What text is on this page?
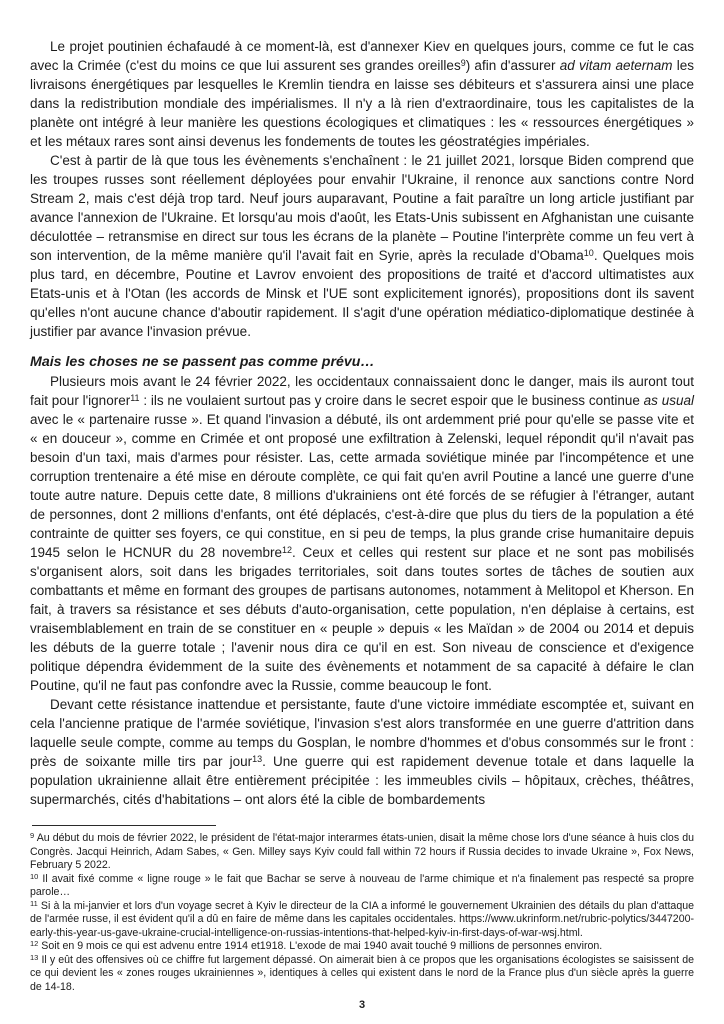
Le projet poutinien échafaudé à ce moment-là, est d'annexer Kiev en quelques jours, comme ce fut le cas avec la Crimée (c'est du moins ce que lui assurent ses grandes oreilles$^9$) afin d'assurer ad vitam aeternam les livraisons énergétiques par lesquelles le Kremlin tiendra en laisse ses débiteurs et s'assurera ainsi une place dans la redistribution mondiale des impérialismes. Il n'y a là rien d'extraordinaire, tous les capitalistes de la planète ont intégré à leur manière les questions écologiques et climatiques : les « ressources énergétiques » et les métaux rares sont ainsi devenus les fondements de toutes les géostratégies impériales.

C'est à partir de là que tous les évènements s'enchaînent : le 21 juillet 2021, lorsque Biden comprend que les troupes russes sont réellement déployées pour envahir l'Ukraine, il renonce aux sanctions contre Nord Stream 2, mais c'est déjà trop tard. Neuf jours auparavant, Poutine a fait paraître un long article justifiant par avance l'annexion de l'Ukraine. Et lorsqu'au mois d'août, les Etats-Unis subissent en Afghanistan une cuisante déculottée – retransmise en direct sur tous les écrans de la planète – Poutine l'interprète comme un feu vert à son intervention, de la même manière qu'il l'avait fait en Syrie, après la reculade d'Obama$^{10}$. Quelques mois plus tard, en décembre, Poutine et Lavrov envoient des propositions de traité et d'accord ultimatistes aux Etats-unis et à l'Otan (les accords de Minsk et l'UE sont explicitement ignorés), propositions dont ils savent qu'elles n'ont aucune chance d'aboutir rapidement. Il s'agit d'une opération médiatico-diplomatique destinée à justifier par avance l'invasion prévue.

Mais les choses ne se passent pas comme prévu…

Plusieurs mois avant le 24 février 2022, les occidentaux connaissaient donc le danger, mais ils auront tout fait pour l'ignorer$^{11}$ : ils ne voulaient surtout pas y croire dans le secret espoir que le business continue as usual avec le « partenaire russe ». Et quand l'invasion a débuté, ils ont ardemment prié pour qu'elle se passe vite et « en douceur », comme en Crimée et ont proposé une exfiltration à Zelenski, lequel répondit qu'il n'avait pas besoin d'un taxi, mais d'armes pour résister. Las, cette armada soviétique minée par l'incompétence et une corruption trentenaire a été mise en déroute complète, ce qui fait qu'en avril Poutine a lancé une guerre d'une toute autre nature. Depuis cette date, 8 millions d'ukrainiens ont été forcés de se réfugier à l'étranger, autant de personnes, dont 2 millions d'enfants, ont été déplacés, c'est-à-dire que plus du tiers de la population a été contrainte de quitter ses foyers, ce qui constitue, en si peu de temps, la plus grande crise humanitaire depuis 1945 selon le HCNUR du 28 novembre$^{12}$. Ceux et celles qui restent sur place et ne sont pas mobilisés s'organisent alors, soit dans les brigades territoriales, soit dans toutes sortes de tâches de soutien aux combattants et même en formant des groupes de partisans autonomes, notamment à Melitopol et Kherson. En fait, à travers sa résistance et ses débuts d'auto-organisation, cette population, n'en déplaise à certains, est vraisemblablement en train de se constituer en « peuple » depuis « les Maïdan » de 2004 ou 2014 et depuis les débuts de la guerre totale ; l'avenir nous dira ce qu'il en est. Son niveau de conscience et d'exigence politique dépendra évidemment de la suite des évènements et notamment de sa capacité à défaire le clan Poutine, qu'il ne faut pas confondre avec la Russie, comme beaucoup le font.

Devant cette résistance inattendue et persistante, faute d'une victoire immédiate escomptée et, suivant en cela l'ancienne pratique de l'armée soviétique, l'invasion s'est alors transformée en une guerre d'attrition dans laquelle seule compte, comme au temps du Gosplan, le nombre d'hommes et d'obus consommés sur le front : près de soixante mille tirs par jour$^{13}$. Une guerre qui est rapidement devenue totale et dans laquelle la population ukrainienne allait être entièrement précipitée : les immeubles civils – hôpitaux, crèches, théâtres, supermarchés, cités d'habitations – ont alors été la cible de bombardements

$^9$ Au début du mois de février 2022, le président de l'état-major interarmes états-unien, disait la même chose lors d'une séance à huis clos du Congrès. Jacqui Heinrich, Adam Sabes, « Gen. Milley says Kyiv could fall within 72 hours if Russia decides to invade Ukraine », Fox News, February 5 2022.

$^{10}$ Il avait fixé comme « ligne rouge » le fait que Bachar se serve à nouveau de l'arme chimique et n'a finalement pas respecté sa propre parole…

$^{11}$ Si à la mi-janvier et lors d'un voyage secret à Kyiv le directeur de la CIA a informé le gouvernement Ukrainien des détails du plan d'attaque de l'armée russe, il est évident qu'il a dû en faire de même dans les capitales occidentales. https://www.ukrinform.net/rubric-polytics/3447200-early-this-year-us-gave-ukraine-crucial-intelligence-on-russias-intentions-that-helped-kyiv-in-first-days-of-war-wsj.html.

$^{12}$ Soit en 9 mois ce qui est advenu entre 1914 et1918. L'exode de mai 1940 avait touché 9 millions de personnes environ.

$^{13}$ Il y eût des offensives où ce chiffre fut largement dépassé. On aimerait bien à ce propos que les organisations écologistes se saisissent de ce qui devient les « zones rouges ukrainiennes », identiques à celles qui existent dans le nord de la France plus d'un siècle après la guerre de 14-18.

3
